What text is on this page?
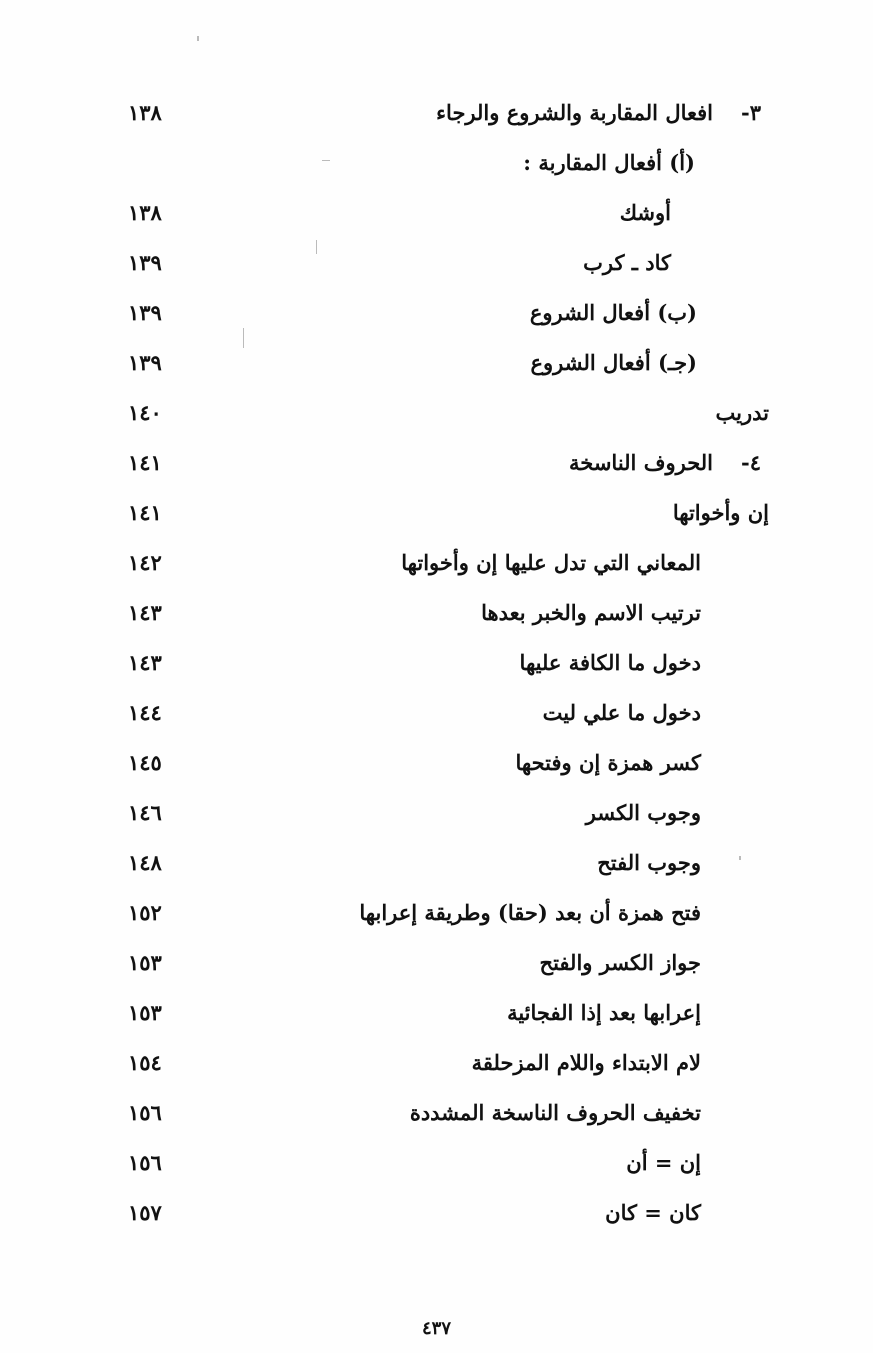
٣-افعال المقاربة والشروع والرجاء
١٣٨
(أ) أفعال المقاربة :
أوشك
١٣٨
كاد ـ كرب
١٣٩
(ب) أفعال الشروع
١٣٩
(جـ) أفعال الشروع
١٣٩
تدريب
١٤٠
٤-الحروف الناسخة
١٤١
إن وأخواتها
١٤١
المعاني التي تدل عليها إن وأخواتها
١٤٢
ترتيب الاسم والخبر بعدها
١٤٣
دخول ما الكافة عليها
١٤٣
دخول ما علي ليت
١٤٤
كسر همزة إن وفتحها
١٤٥
وجوب الكسر
١٤٦
وجوب الفتح
١٤٨
فتح همزة أن بعد (حقا) وطريقة إعرابها
١٥٢
جواز الكسر والفتح
١٥٣
إعرابها بعد إذا الفجائية
١٥٣
لام الابتداء واللام المزحلقة
١٥٤
تخفيف الحروف الناسخة المشددة
١٥٦
إن = أن
١٥٦
كان = كان
١٥٧
٤٣٧
